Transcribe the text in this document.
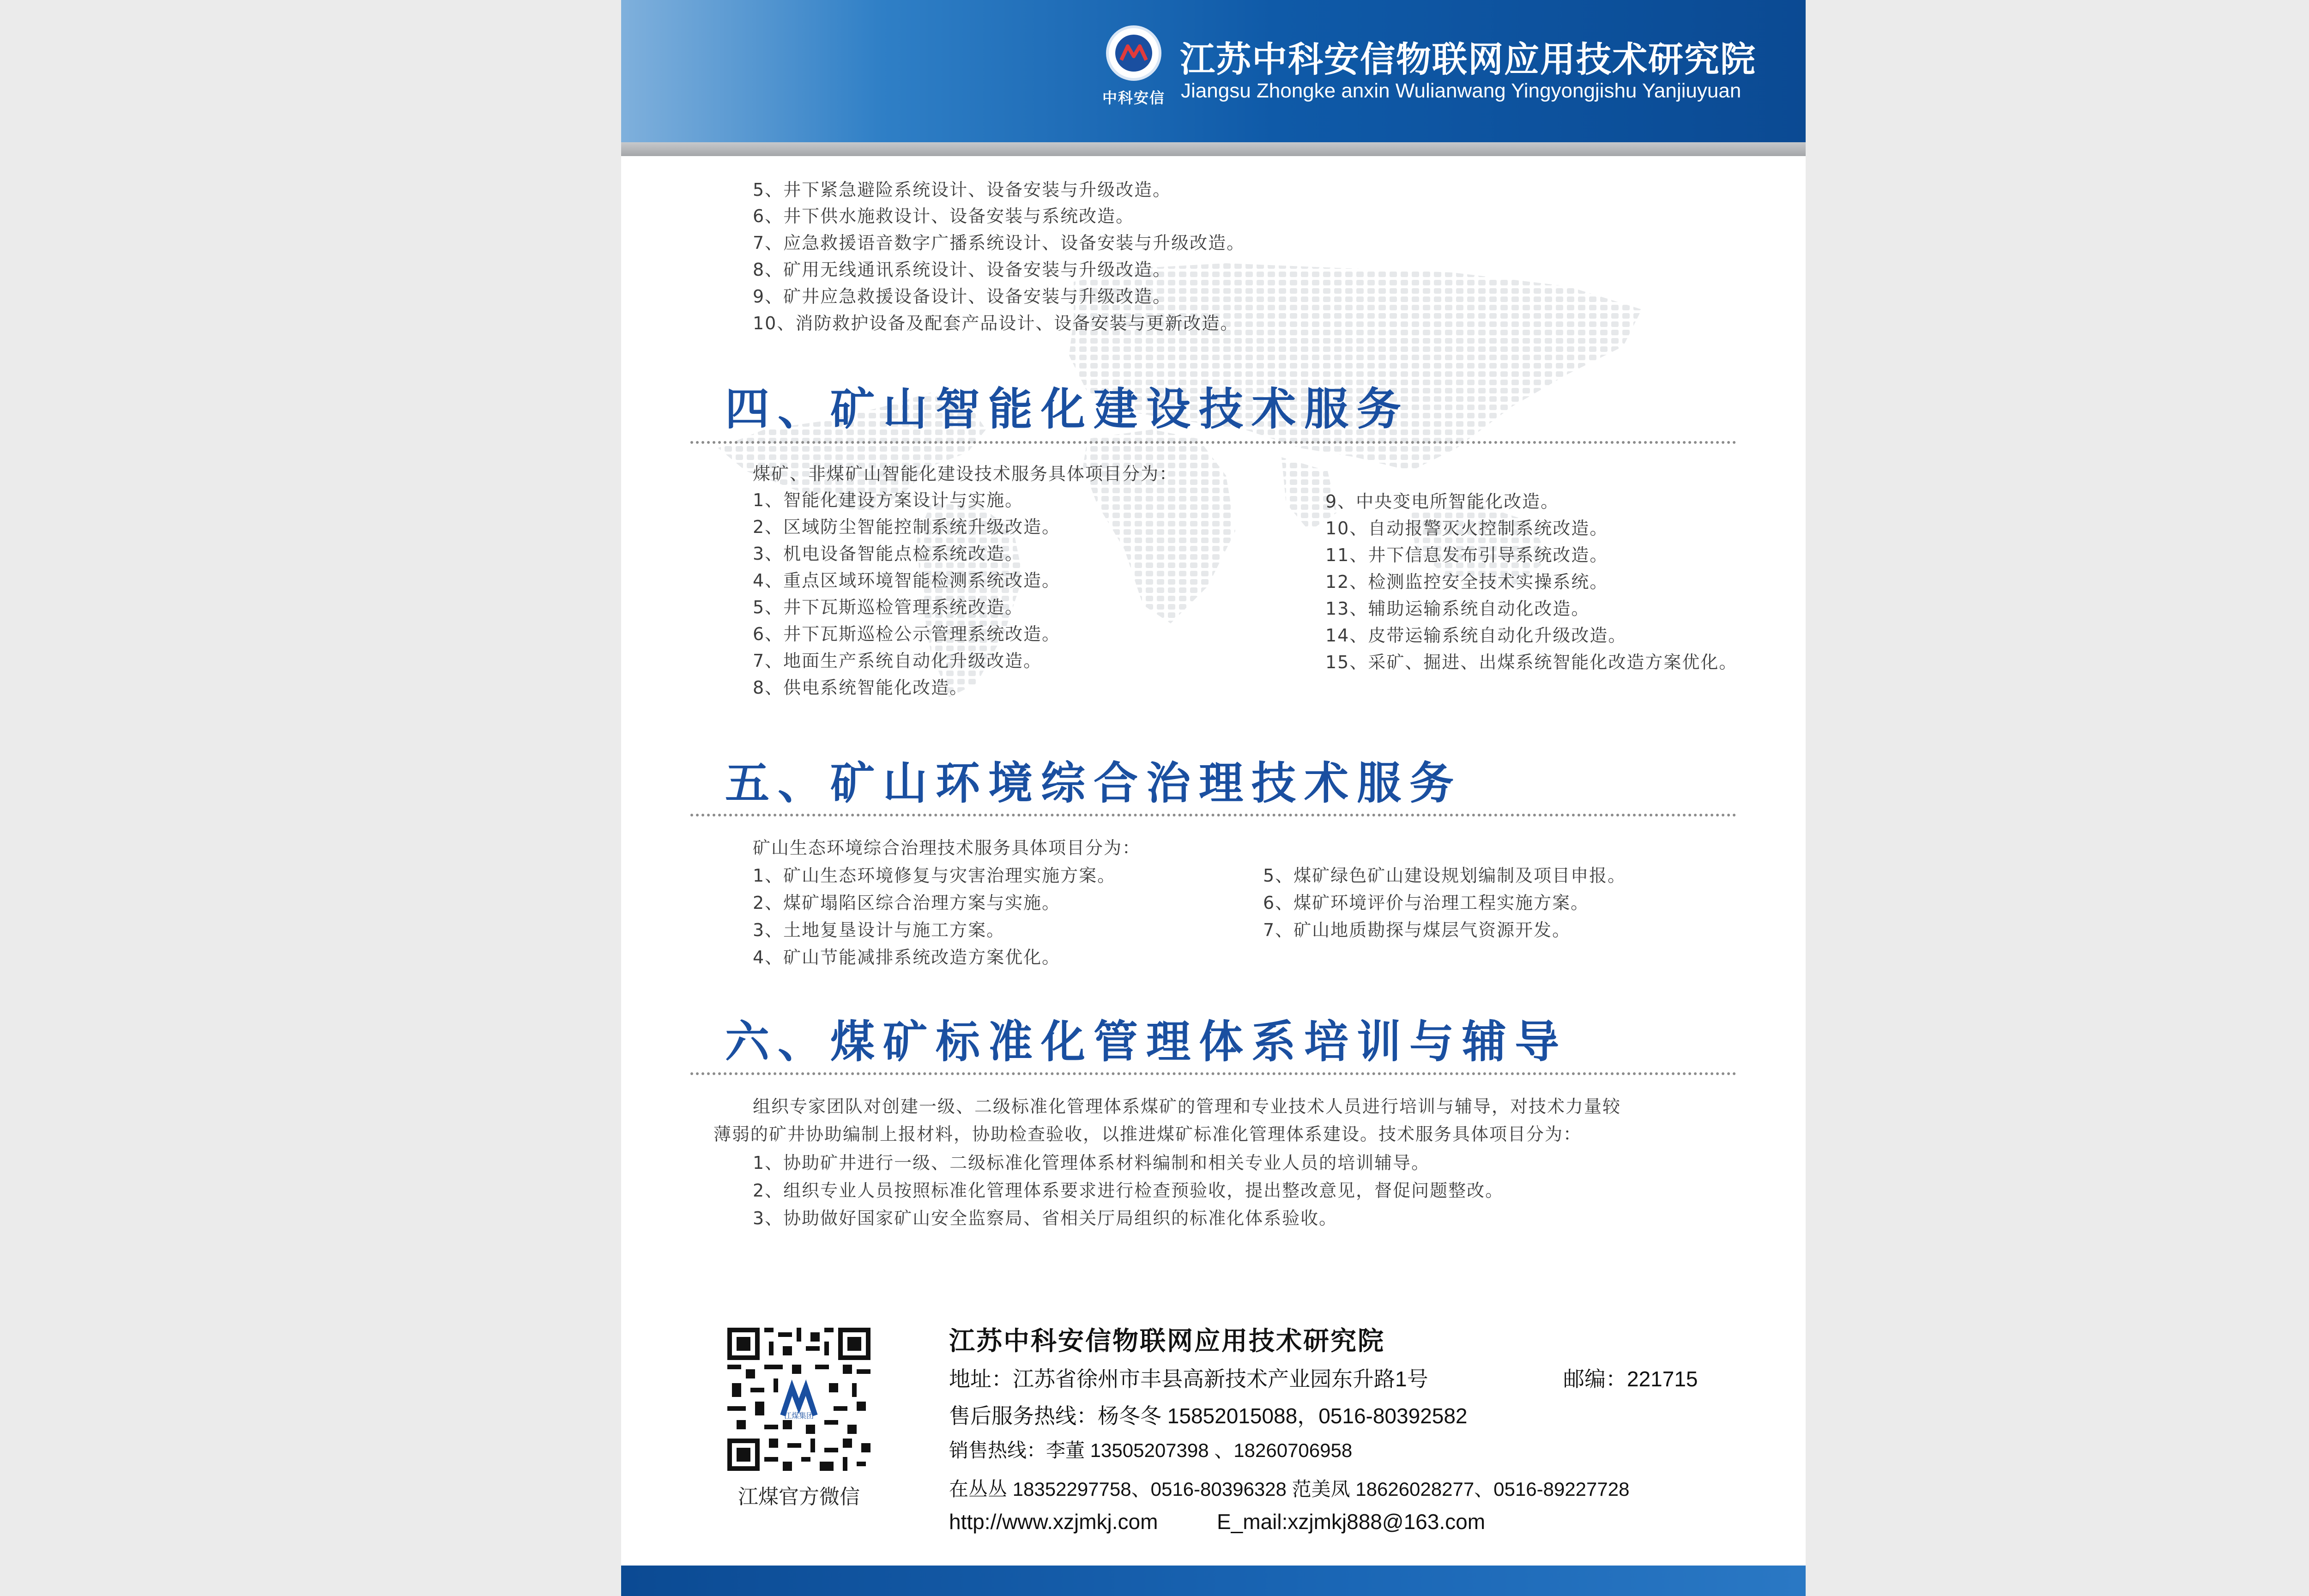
中科安信
江苏中科安信物联网应用技术研究院
Jiangsu Zhongke anxin Wulianwang Yingyongjishu Yanjiuyuan
5、井下紧急避险系统设计、设备安装与升级改造。
6、井下供水施救设计、设备安装与系统改造。
7、应急救援语音数字广播系统设计、设备安装与升级改造。
8、矿用无线通讯系统设计、设备安装与升级改造。
9、矿井应急救援设备设计、设备安装与升级改造。
10、消防救护设备及配套产品设计、设备安装与更新改造。
四、矿山智能化建设技术服务
煤矿、非煤矿山智能化建设技术服务具体项目分为：
1、智能化建设方案设计与实施。
2、区域防尘智能控制系统升级改造。
3、机电设备智能点检系统改造。
4、重点区域环境智能检测系统改造。
5、井下瓦斯巡检管理系统改造。
6、井下瓦斯巡检公示管理系统改造。
7、地面生产系统自动化升级改造。
8、供电系统智能化改造。
9、中央变电所智能化改造。
10、自动报警灭火控制系统改造。
11、井下信息发布引导系统改造。
12、检测监控安全技术实操系统。
13、辅助运输系统自动化改造。
14、皮带运输系统自动化升级改造。
15、采矿、掘进、出煤系统智能化改造方案优化。
五、矿山环境综合治理技术服务
矿山生态环境综合治理技术服务具体项目分为：
1、矿山生态环境修复与灾害治理实施方案。
2、煤矿塌陷区综合治理方案与实施。
3、土地复垦设计与施工方案。
4、矿山节能减排系统改造方案优化。
5、煤矿绿色矿山建设规划编制及项目申报。
6、煤矿环境评价与治理工程实施方案。
7、矿山地质勘探与煤层气资源开发。
六、煤矿标准化管理体系培训与辅导
组织专家团队对创建一级、二级标准化管理体系煤矿的管理和专业技术人员进行培训与辅导，对技术力量较
薄弱的矿井协助编制上报材料，协助检查验收，以推进煤矿标准化管理体系建设。技术服务具体项目分为：
1、协助矿井进行一级、二级标准化管理体系材料编制和相关专业人员的培训辅导。
2、组织专业人员按照标准化管理体系要求进行检查预验收，提出整改意见，督促问题整改。
3、协助做好国家矿山安全监察局、省相关厅局组织的标准化体系验收。
江煤集团
江煤官方微信
江苏中科安信物联网应用技术研究院
地址：江苏省徐州市丰县高新技术产业园东升路1号	邮编：221715
售后服务热线：杨冬冬 15852015088，0516-80392582
销售热线：李董 13505207398 、18260706958
在丛丛 18352297758、0516-80396328 范美凤 18626028277、0516-89227728
http://www.xzjmkj.com	E_mail:xzjmkj888@163.com
